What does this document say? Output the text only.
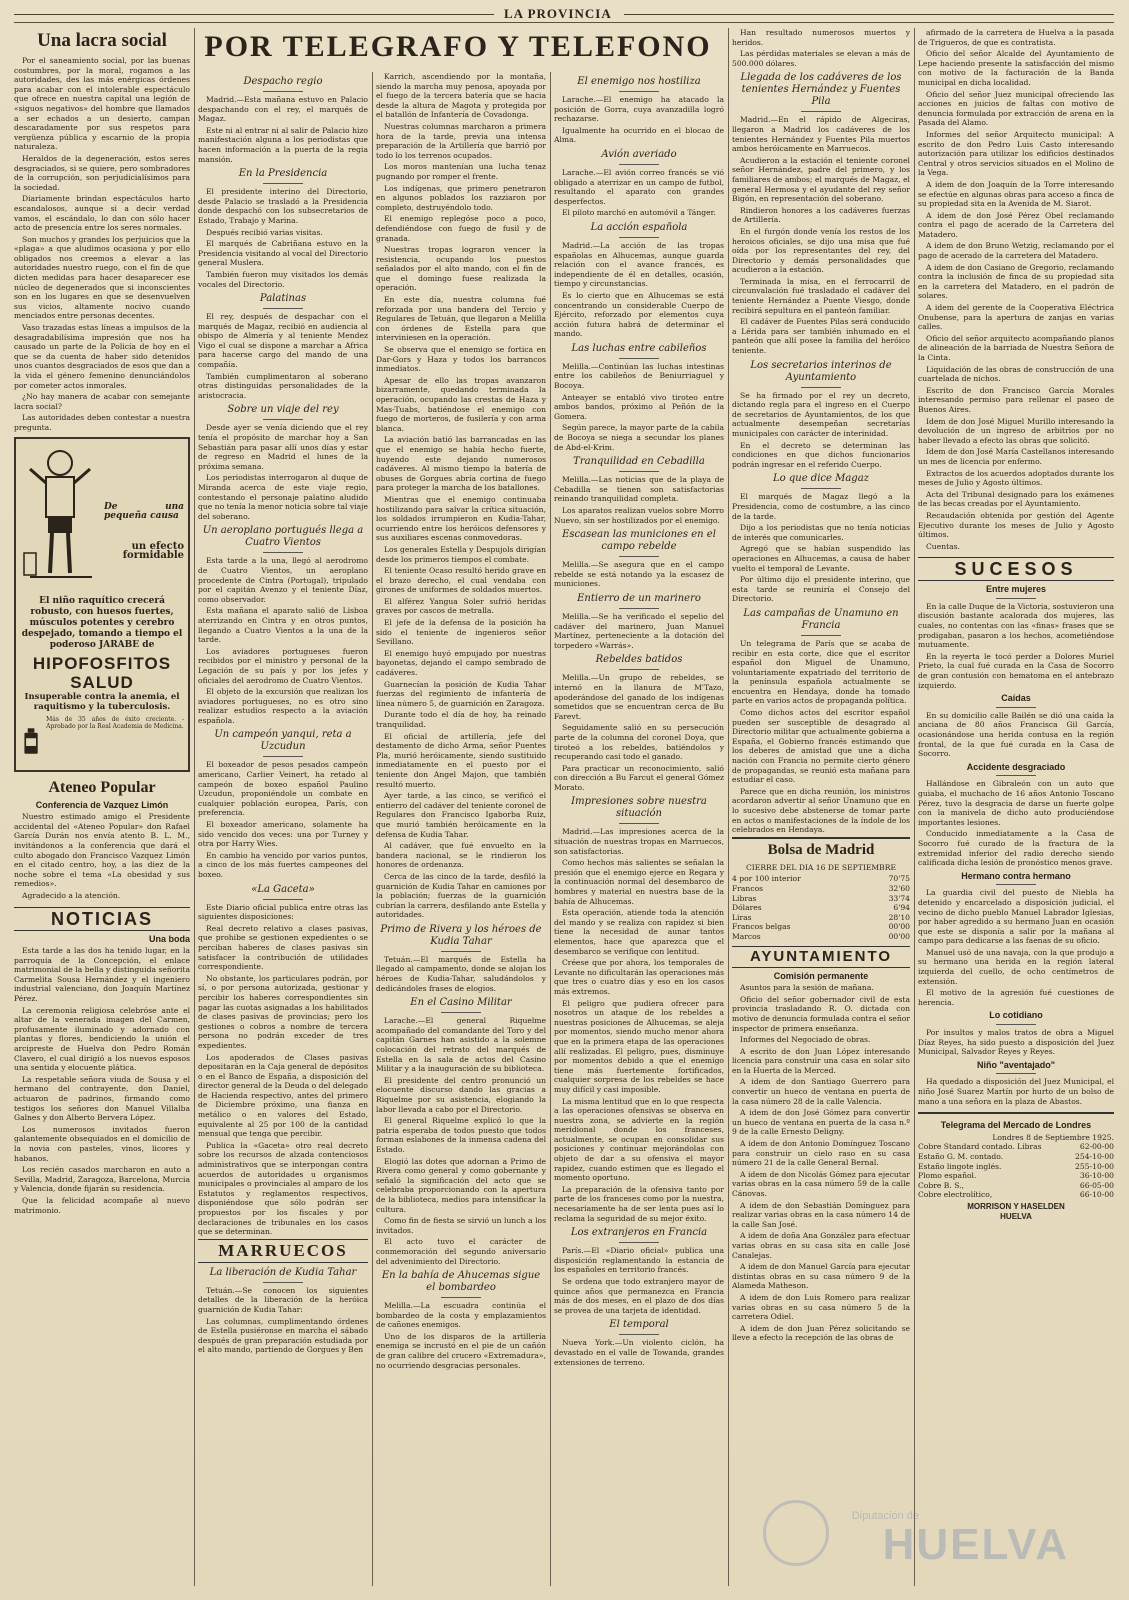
LA PROVINCIA
Una lacra social

Por el saneamiento social, por las buenas costumbres, por la moral, rogamos a las autoridades, des las más enérgicas órdenes para acabar con el intolerable espectáculo que ofrece en nuestra capital una legión de «siguos negativos» del hombre que llamados a ser echados a un desierto, campan descaradamente por sus respetos para vergüenza pública y escarnio de la propia naturaleza.

Heraldos de la degeneración, estos seres desgraciados, si se quiere, pero sombradores de la corrupción, son perjudicialísimos para la sociedad.

Diariamente brindan espectáculos harto escandalosos, aunque si a decir verdad vamos, el escándalo, lo dan con sólo hacer acto de presencia entre los seres normales.

Son muchos y grandes los perjuicios que la «plaga» a que aludimos ocasiona y por ello obligados nos creemos a elevar a las autoridades nuestro ruego, con el fin de que dicten medidas para hacer desaparecer ese núcleo de degenerados que si inconscientes son en los lugares en que se desenvuelven sus vicios, altamente nocivo cuando menciados entre personas decentes.

Vaso trazadas estas líneas a impulsos de la desagradabilísima impresión que nos ha causado un parte de la Policía de hoy en el que se da cuenta de haber sido detenidos unos cuantos desgraciados de esos que dan a la vida el género femenino denunciándolos por cometer actos inmorales.

¿No hay manera de acabar con semejante lacra social?

Las autoridades deben contestar a nuestra pregunta.

De una pequeña causa
un efecto formidable
El niño raquítico crecerá robusto, con huesos fuertes, músculos potentes y cerebro despejado, tomando a tiempo el poderoso JARABE de
HIPOFOSFITOS
SALUD
Insuperable contra la anemia, el raquitismo y la tuberculosis.
Más de 35 años de éxito creciente. - Aprobado por la Real Academia de Medicina.
Ateneo Popular
Conferencia de Vazquez Limón

Nuestro estimado amigo el Presidente accidental del «Ateneo Popular» don Rafael García Durán nos envía atento B. L. M., invitándonos a la conferencia que dará el culto abogado don Francisco Vazquez Limón en el citado centro, hoy, a las diez de la noche sobre el tema «La obesidad y sus remedios».

Agradecido a la atención.

NOTICIAS
Una boda

Esta tarde a las dos ha tenido lugar, en la parroquia de la Concepción, el enlace matrimonial de la bella y distinguida señorita Carmelita Sousa Hernández y el ingeniero industrial valenciano, don Joaquín Martínez Pérez.

La ceremonia religiosa celebróse ante el altar de la venerada imagen del Carmen, profusamente iluminado y adornado con plantas y flores, bendiciendo la unión el arcipreste de Huelva don Pedro Román Clavero, el cual dirigió a los nuevos esposos una sentida y elocuente plática.

La respetable señora viuda de Sousa y el hermano del contrayente, don Daniel, actuaron de padrinos, firmando como testigos los señores don Manuel Villalba Galnes y don Alberto Bervera López.

Los numerosos invitados fueron galantemente obsequiados en el domicilio de la novia con pasteles, vinos, licores y habanos.

Los recién casados marcharon en auto a Sevilla, Madrid, Zaragoza, Barcelona, Murcia y Valencia, donde fijarán su residencia.

Que la felicidad acompañe al nuevo matrimonio.

POR TELEGRAFO Y TELEFONO
Despacho regio

Madrid.—Esta mañana estuvo en Palacio despachando con el rey, el marqués de Magaz.

Este ni al entrar ni al salir de Palacio hizo manifestación alguna a los periodistas que hacen información a la puerta de la regia mansión.

En la Presidencia

El presidente interino del Directorio, desde Palacio se trasladó a la Presidencia donde despachó con los subsecretarios de Estado, Trabajo y Marina.

Después recibió varias visitas.

El marqués de Cabriñana estuvo en la Presidencia visitando al vocal del Directorio general Muslera.

También fueron muy visitados los demás vocales del Directorio.

Palatinas

El rey, después de despachar con el marqués de Magaz, recibió en audiencia al obispo de Almería y al teniente Mendez Vigo el cual se dispone a marchar a Africa para hacerse cargo del mando de una compañía.

También cumplimentaron al soberano otras distinguidas personalidades de la aristocracia.

Sobre un viaje del rey

Desde ayer se venía diciendo que el rey tenía el propósito de marchar hoy a San Sebastián para pasar allí unos días y estar de regreso en Madrid el lunes de la próxima semana.

Los periodistas interrogaron al duque de Miranda acerca de este viaje regio, contestando el personaje palatino aludido que no tenía la menor noticia sobre tal viaje del soberano.

Un aeroplano portugués llega a Cuatro Vientos

Esta tarde a la una, llegó al aerodromo de Cuatro Vientos, un aeroplano procedente de Cintra (Portugal), tripulado por el capitán Avenzo y el teniente Díaz, como observador.

Esta mañana el aparato salió de Lisboa aterrizando en Cintra y en otros puntos, llegando a Cuatro Vientos a la una de la tarde.

Los aviadores portugueses fueron recibidos por el ministro y personal de la Legación de su país y por los jefes y oficiales del aerodromo de Cuatro Vientos.

El objeto de la excursión que realizan los aviadores portugueses, no es otro sino realizar estudios respecto a la aviación española.

Un campeón yanqui, reta a Uzcudun

El boxeador de pesos pesados campeón americano, Carlier Veinert, ha retado al campeón de boxeo español Paulino Uzcudun, proponiéndole un combate en cualquier población europea, París, con preferencia.

El boxeador americano, solamente ha sido vencido dos veces: una por Turney y otra por Harry Wies.

En cambio ha vencido por varios puntos, a cinco de los más fuertes campeones del boxeo.

«La Gaceta»

Este Diario oficial publica entre otras las siguientes disposiciones:

Real decreto relativo a clases pasivas, que prohibe se gestionen expedientes o se perciban haberes de clases pasivas sin satisfacer la contribución de utilidades correspondiente.

No obstante, los particulares podrán, por sí, o por persona autorizada, gestionar y percibir los haberes correspondientes sin pagar las cuotas asignadas a los habilitados de clases pasivas de provincias; pero los gestiones o cobros a nombre de tercera persona no podrán exceder de tres expedientes.

Los apoderados de Clases pasivas depositarán en la Caja general de depósitos o en el Banco de España, a disposición del director general de la Deuda o del delegado de Hacienda respectivo, antes del primero de Diciembre próximo, una fianza en metálico o en valores del Estado, equivalente al 25 por 100 de la cantidad mensual que tenga que percibir.

Publica la «Gaceta» otro real decreto sobre los recursos de alzada contenciosos administrativos que se interpongan contra acuerdos de autoridades u organismos municipales o provinciales al amparo de los Estatutos y reglamentos respectivos, disponiéndose que sólo podrán ser propuestos por los fiscales y por declaraciones de tribunales en los casos que se determinan.

MARRUECOS
La liberación de Kudia Tahar

Tetuán.—Se conocen los siguientes detalles de la liberación de la heróica guarnición de Kudia Tahar:

Las columnas, cumplimentando órdenes de Estella pusiéronse en marcha el sábado después de gran preparación estudiada por el alto mando, partiendo de Gorgues y Ben

Karrich, ascendiendo por la montaña, siendo la marcha muy penosa, apoyada por el fuego de la tercera batería que se hacia desde la altura de Magota y protegida por el batallón de Infantería de Covadonga.

Nuestras columnas marcharon a primera hora de la tarde, previa una intensa preparación de la Artillería que barrió por todo lo los terrenos ocupados.

Los moros mantenían una lucha tenaz pugnando por romper el frente.

Los indígenas, que primero penetraron en algunos poblados los razziaron por completo, destruyéndolo todo.

El enemigo replegóse poco a poco, defendiéndose con fuego de fusil y de granada.

Nuestras tropas lograron vencer la resistencia, ocupando los puestos señalados por el alto mando, con el fin de que el domingo fuese realizada la operación.

En este día, nuestra columna fué reforzada por una bandera del Tercio y Regulares de Tetuán, que llegaron a Melilla con órdenes de Estella para que interviniesen en la operación.

Se observa que el enemigo se fortica en Dar-Gors y Haza y todos los barrancos inmediatos.

Apesar de ello las tropas avanzaron bizarramente, quedando terminada la operación, ocupando las crestas de Haza y Mas-Tuabs, batiéndose el enemigo con fuego de morteros, de fusilería y con arma blanca.

La aviación batió las barrancadas en las que el enemigo se había hecho fuerte, huyendo este dejando numerosos cadáveres. Al mismo tiempo la batería de obuses de Gorgues abría cortina de fuego para proteger la marcha de los batallones.

Mientras que el enemigo continuaba hostilizando para salvar la crítica situación, los soldados irrumpieron en Kudia-Tahar, ocurriendo entre los heróicos defensores y sus auxiliares escenas conmovedoras.

Los generales Estella y Despujols dirigían desde los primeros tiempos el combate.

El teniente Ocaso resultó herido grave en el brazo derecho, el cual vendaba con girones de uniformes de soldados muertos.

El alférez Yangua Soler sufrió heridas graves por cascos de metralla.

El jefe de la defensa de la posición ha sido el teniente de ingenieros señor Sevillano.

El enemigo huyó empujado por nuestras bayonetas, dejando el campo sembrado de cadáveres.

Guarnecían la posición de Kudia Tahar fuerzas del regimiento de infantería de línea número 5, de guarnición en Zaragoza.

Durante todo el día de hoy, ha reinado tranquilidad.

El oficial de artillería, jefe del destamento de dicho Arma, señor Puentes Pla, murió heróicamente, siendo sustituido inmediatamente en el puesto por el teniente don Angel Majon, que también resultó muerto.

Ayer tarde, a las cinco, se verificó el entierro del cadáver del teniente coronel de Regulares don Francisco Igaborba Ruiz, que murió también heróicamente en la defensa de Kudia Tahar.

Al cadáver, que fué envuelto en la bandera nacional, se le rindieron los honores de ordenanza.

Cerca de las cinco de la tarde, desfiló la guarnición de Kudia Tahar en camiones por la población; fuerzas de la guarnición cubrían la carrera, desfilando ante Estella y autoridades.

Primo de Rivera y los héroes de Kudia Tahar

Tetuán.—El marqués de Estella ha llegado al campamento, donde se alojan los héroes de Kudia-Tahar, saludándolos y dedicándoles frases de elogios.

En el Casino Militar

Larache.—El general Riquelme acompañado del comandante del Toro y del capitán Garnes han asistido a la solemne colocación del retrato del marqués de Estella en la sala de actos del Casino Militar y a la inauguración de su biblioteca.

El presidente del centro pronunció un elocuente discurso dando las gracias a Riquelme por su asistencia, elogiando la labor llevada a cabo por el Directorio.

El general Riquelme explicó lo que la patria esperaba de todos puesto que todos forman eslabones de la inmensa cadena del Estado.

Elogió las dotes que adornan a Primo de Rivera como general y como gobernante y señaló la significación del acto que se celebraba proporcionando con la apertura de la biblioteca, medios para intensificar la cultura.

Como fin de fiesta se sirvió un lunch a los invitados.

El acto tuvo el carácter de conmemoración del segundo aniversario del advenimiento del Directorio.

En la bahía de Ahucemas sigue el bombardeo

Melilla.—La escuadra continúa el bombardeo de la costa y emplazamientos de cañones enemigos.

Uno de los disparos de la artillería enemiga se incrustó en el pie de un cañón de gran calibre del crucero «Extremadura», no ocurriendo desgracias personales.

El enemigo nos hostiliza

Larache.—El enemigo ha atacado la posición de Gorra, cuya avanzadilla logró rechazarse.

Igualmente ha ocurrido en el blocao de Alma.

Avión averiado

Larache.—El avión correo francés se vió obligado a aterrizar en un campo de futbol, resultando el aparato con grandes desperfectos.

El piloto marchó en automóvil a Tánger.

La acción española

Madrid.—La acción de las tropas españolas en Alhucemas, aunque guarda relación con el avance francés, es independiente de él en detalles, ocasión, tiempo y circunstancias.

Es lo cierto que en Alhucemas se está concentrando un considerable Cuerpo de Ejército, reforzado por elementos cuya acción futura habrá de determinar el mando.

Las luchas entre cabileños

Melilla.—Continúan las luchas intestinas entre los cabileños de Beniurriaguel y Bocoya.

Anteayer se entabló vivo tiroteo entre ambos bandos, próximo al Peñón de la Gomera.

Según parece, la mayor parte de la cabila de Bocoya se niega a secundar los planes de Abd-el-Krim.

Tranquilidad en Cebadilla

Melilla.—Las noticias que de la playa de Cebadilla se tienen son satisfactorias reinando tranquilidad completa.

Los aparatos realizan vuelos sobre Morro Nuevo, sin ser hostilizados por el enemigo.

Escasean las municiones en el campo rebelde

Melilla.—Se asegura que en el campo rebelde se está notando ya la escasez de municiones.

Entierro de un marinero

Melilla.—Se ha verificado el sepelio del cadáver del marinero, Juan Manuel Martínez, perteneciente a la dotación del torpedero «Warrás».

Rebeldes batidos

Melilla.—Un grupo de rebeldes, se internó en la llanura de M'Tazo, apoderándose del ganado de los indígenas sometidos que se encuentran cerca de Bu Farevt.

Seguidamente salió en su persecución parte de la columna del coronel Doya, que tiroteó a los rebeldes, batiéndolos y recuperando casi todo el ganado.

Para practicar un reconocimiento, salió con dirección a Bu Farcut el general Gómez Morato.

Impresiones sobre nuestra situación

Madrid.—Las impresiones acerca de la situación de nuestras tropas en Marruecos, son satisfactorias.

Como hechos más salientes se señalan la presión que el enemigo ejerce en Regara y la continuación normal del desembarco de hombres y material en nuestra base de la bahía de Alhucemas.

Esta operación, atiende toda la atención del mando y se realiza con rapidez si bien tiene la necesidad de aunar tantos elementos, hace que aparezca que el desembarco se verifique con lentitud.

Créese que por ahora, los temporales de Levante no dificultarán las operaciones más que tres o cuatro días y eso en los casos más extremos.

El peligro que pudiera ofrecer para nosotros un ataque de los rebeldes a nuestras posiciones de Alhucemas, se aleja por momentos, siendo mucho menor ahora que en la primera etapa de las operaciones allí realizadas. El peligro, pues, disminuye por momentos debido a que el enemigo tiene más fuertemente fortificados, cualquier sorpresa de los rebeldes se hace muy difícil y casi imposible.

La misma lentitud que en lo que respecta a las operaciones ofensivas se observa en nuestra zona, se advierte en la región meridional donde los franceses, actualmente, se ocupan en consolidar sus posiciones y continuar mejorándolas con objeto de dar a su ofensiva el mayor rapidez, cuando estimen que es llegado el momento oportuno.

La preparación de la ofensiva tanto por parte de los franceses como por la nuestra, necesariamente ha de ser lenta pues así lo reclama la seguridad de su mejor éxito.

Los extranjeros en Francia

París.—El «Diario oficial» publica una disposición reglamentando la estancia de los españoles en territorio francés.

Se ordena que todo extranjero mayor de quince años que permanezca en Francia más de dos meses, en el plazo de dos días se provea de una tarjeta de identidad.

El temporal

Nueva York.—Un violento ciclón, ha devastado en el valle de Towanda, grandes extensiones de terreno.

Han resultado numerosos muertos y heridos.

Las pérdidas materiales se elevan a más de 500.000 dólares.

Llegada de los cadáveres de los tenientes Hernández y Fuentes Pila

Madrid.—En el rápido de Algeciras, llegaron a Madrid los cadáveres de los tenientes Hernández y Fuentes Pila muertos ambos heróicamente en Marruecos.

Acudieron a la estación el teniente coronel señor Hernández, padre del primero, y los familiares de ambos; el marqués de Magaz, el general Hermosa y el ayudante del rey señor Bigón, en representación del soberano.

Rindieron honores a los cadáveres fuerzas de Artillería.

En el furgón donde venía los restos de los heroicos oficiales, se dijo una misa que fué oída por los representantes del rey, del Directorio y demás personalidades que acudieron a la estación.

Terminada la misa, en el ferrocarril de circunvalación fué trasladado el cadáver del teniente Hernández a Puente Viesgo, donde recibirá sepultura en el panteón familiar.

El cadáver de Fuentes Pilas será conducido a Lérida para ser también inhumado en el panteón que allí posee la familia del heróico teniente.

Los secretarios interinos de Ayuntamiento

Se ha firmado por el rey un decreto, dictando regla para el ingreso en el Cuerpo de secretarios de Ayuntamientos, de los que actualmente desempeñan secretarías municipales con carácter de interinidad.

En el decreto se determinan las condiciones en que dichos funcionarios podrán ingresar en el referido Cuerpo.

Lo que dice Magaz

El marqués de Magaz llegó a la Presidencia, como de costumbre, a las cinco de la tarde.

Dijo a los periodistas que no tenía noticias de interés que comunicarles.

Agregó que se habían suspendido las operaciones en Alhucemas, a causa de haber vuelto el temporal de Levante.

Por último dijo el presidente interino, que esta tarde se reuniría el Consejo del Directorio.

Las campañas de Unamuno en Francia

Un telegrama de París que se acaba de recibir en esta corte, dice que el escritor español don Miguel de Unamuno, voluntariamente expatriado del territorio de la península española actualmente se encuentra en Hendaya, donde ha tomado parte en varios actos de propaganda política.

Como dichos actos del escritor español pueden ser susceptible de desagrado al Directorio militar que actualmente gobierna a España, el Gobierno francés estimando que los deberes de amistad que une a dicha nación con Francia no permite cierto género de propagandas, se reunió esta mañana para estudiar el caso.

Parece que en dicha reunión, los ministros acordaron advertir al señor Unamuno que en lo sucesivo debe abstenerse de tomar parte en actos o manifestaciones de la índole de los celebrados en Hendaya.

Bolsa de Madrid
CIERRE DEL DIA 16 DE SEPTIEMBRE
4 por 100 interior	70'75
Francos	32'60
Libras	33'74
Dólares	6'94
Liras	28'10
Francos belgas	00'00
Marcos	00'00
AYUNTAMIENTO
Comisión permanente

Asuntos para la sesión de mañana.

Oficio del señor gobernador civil de esta provincia trasladando R. O. dictada con motivo de denuncia formulada contra el señor inspector de primera enseñanza.

Informes del Negociado de obras.

A escrito de don Juan López interesando licencia para construir una casa en solar sito en la Huerta de la Merced.

A idem de don Santiago Guerrero para convertir un hueco de ventana en puerta de la casa número 28 de la calle Valencia.

A idem de don José Gómez para convertir un hueco de ventana en puerta de la casa n.º 9 de la calle Ernesto Deligny.

A idem de don Antonio Domínguez Toscano para construir un cielo raso en su casa número 21 de la calle General Bernal.

A idem de don Nicolás Gómez para ejecutar varias obras en la casa número 59 de la calle Cánovas.

A idem de don Sebastián Domínguez para realizar varias obras en la casa número 14 de la calle San José.

A idem de doña Ana González para efectuar varias obras en su casa sita en calle José Canalejas.

A idem de don Manuel García para ejecutar distintas obras en su casa número 9 de la Alameda Matheson.

A idem de don Luis Romero para realizar varias obras en su casa número 5 de la carretera Odiel.

A idem de don Juan Pérez solicitando se lleve a efecto la recepción de las obras de

afirmado de la carretera de Huelva a la pasada de Trigueros, de que es contratista.

Oficio del señor Alcalde del Ayuntamiento de Lepe haciendo presente la satisfacción del mismo con motivo de la facturación de la Banda municipal en dicha localidad.

Oficio del señor Juez municipal ofreciendo las acciones en juicios de faltas con motivo de denuncia formulada por extracción de arena en la Pasada del Alamo.

Informes del señor Arquitecto municipal: A escrito de don Pedro Luis Casto interesando autorización para utilizar los edificios destinados Central y otros servicios situados en el Molino de la Vega.

A idem de don Joaquín de la Torre interesando se efectúe en algunas obras para acceso a finca de su propiedad sita en la Avenida de M. Siarot.

A idem de don José Pérez Obel reclamando contra el pago de acerado de la Carretera del Matadero.

A idem de don Bruno Wetzig, reclamando por el pago de acerado de la carretera del Matadero.

A idem de don Casiano de Gregorio, reclamando contra la inclusión de finca de su propiedad sita en la carretera del Matadero, en el padrón de solares.

A idem del gerente de la Cooperativa Eléctrica Onubense, para la apertura de zanjas en varias calles.

Oficio del señor arquitecto acompañando planos de alineación de la barriada de Nuestra Señora de la Cinta.

Liquidación de las obras de construcción de una cuartelada de nichos.

Escrito de don Francisco García Morales interesando permiso para rellenar el paseo de Buenos Aires.

Idem de don José Miguel Murillo interesando la devolución de un ingreso de arbitrios por no haber llevado a efecto las obras que solicitó.

Idem de don José María Castellanos interesando un mes de licencia por enfermo.

Extractos de los acuerdos adoptados durante los meses de Julio y Agosto últimos.

Acta del Tribunal designado para los exámenes de las becas creadas por el Ayuntamiento.

Recaudación obtenida por gestión del Agente Ejecutivo durante los meses de Julio y Agosto últimos.

Cuentas.

SUCESOS
Entre mujeres

En la calle Duque de la Victoria, sostuvieron una discusión bastante acalorada dos mujeres, las cuales, no contentas con las «finas» frases que se prodigaban, pasaron a los hechos, acometiéndose mutuamente.

En la reyerta le tocó perder a Dolores Muriel Prieto, la cual fué curada en la Casa de Socorro de gran contusión con hematoma en el antebrazo izquierdo.

Caídas

En su domicilio calle Bailén se dió una caída la anciana de 80 años Francisca Gil García, ocasionándose una herida contusa en la región frontal, de la que fué curada en la Casa de Socorro.

Accidente desgraciado

Hallándose en Gibraleón con un auto que guiaba, el muchacho de 16 años Antonio Toscano Pérez, tuvo la desgracia de darse un fuerte golpe con la manivela de dicho auto produciéndose importantes lesiones.

Conducido inmediatamente a la Casa de Socorro fué curado de la fractura de la extremidad inferior del radio derecho siendo calificada dicha lesión de pronóstico menos grave.

Hermano contra hermano

La guardia civil del puesto de Niebla ha detenido y encarcelado a disposición judicial, el vecino de dicho pueblo Manuel Labrador Iglesias, por haber agredido a su hermano Juan en ocasión que este se disponía a salir por la mañana al campo para dedicarse a las faenas de su oficio.

Manuel usó de una navaja, con la que produjo a su hermano una herida en la región lateral izquierda del cuello, de ocho centímetros de extensión.

El motivo de la agresión fué cuestiones de herencia.

Lo cotidiano

Por insultos y malos tratos de obra a Miguel Díaz Reyes, ha sido puesto a disposición del Juez Municipal, Salvador Reyes y Reyes.

Niño "aventajado"

Ha quedado a disposición del Juez Municipal, el niño José Suarez Martín por hurto de un bolso de mano a una señora en la plaza de Abastos.

Telegrama del Mercado de Londres
Londres 8 de Septiembre 1925.
Cobre Standard contado. Libras	62-00-00
Estaño G. M. contado.	254-10-00
Estaño lingote inglés.	255-10-00
Plomo español.	36-10-00
Cobre B. S.,	66-05-00
Cobre electrolítico,	66-10-00
MORRISON Y HASELDEN
HUELVA
Diputación de
HUELVA
